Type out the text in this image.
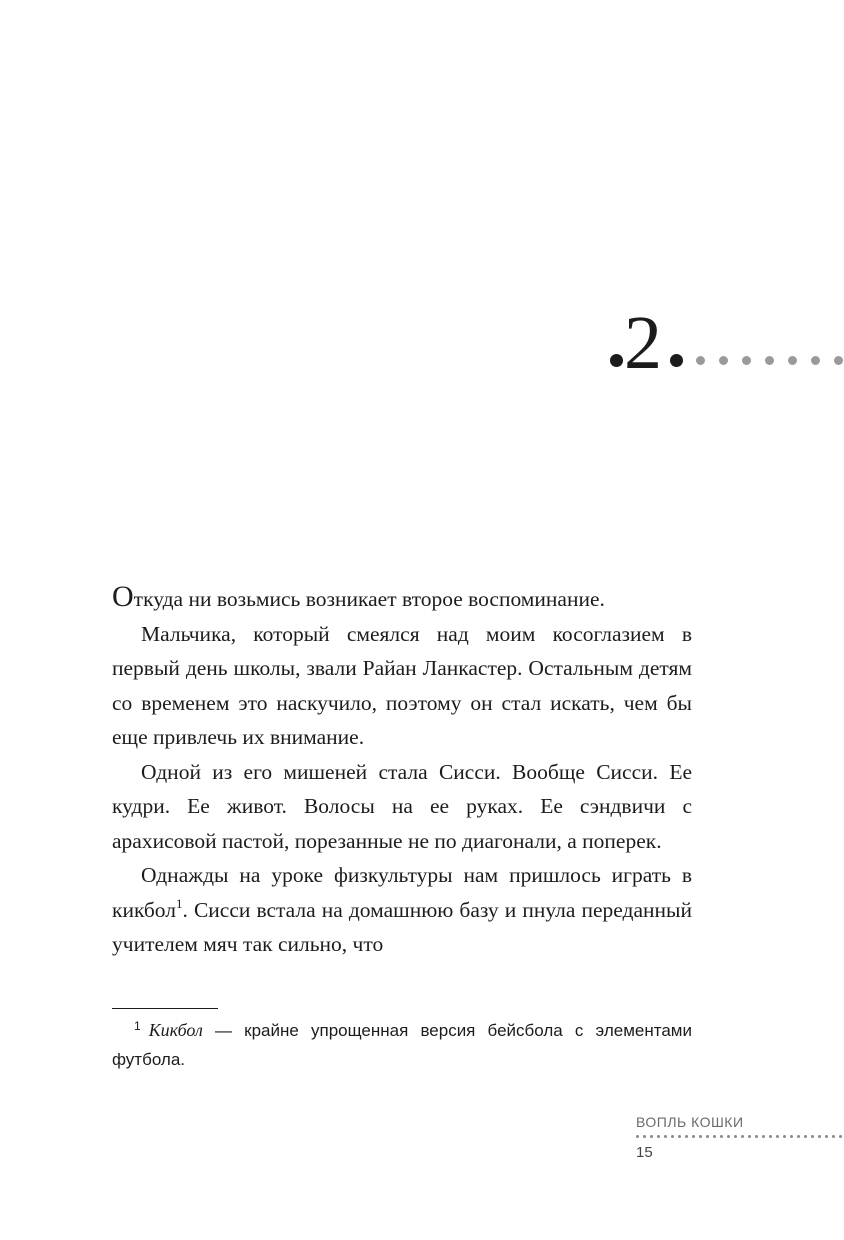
2

Откуда ни возьмись возникает второе воспоминание.

Мальчика, который смеялся над моим косоглазием в первый день школы, звали Райан Ланкастер. Остальным детям со временем это наскучило, поэтому он стал искать, чем бы еще привлечь их внимание.

Одной из его мишеней стала Сисси. Вообще Сисси. Ее кудри. Ее живот. Волосы на ее руках. Ее сэндвичи с арахисовой пастой, порезанные не по диагонали, а поперек.

Однажды на уроке физкультуры нам пришлось играть в кикбол$^1$. Сисси встала на домашнюю базу и пнула переданный учителем мяч так сильно, что

$^1$ Кикбол — крайне упрощенная версия бейсбола с элементами футбола.

ВОПЛЬ КОШКИ
15
